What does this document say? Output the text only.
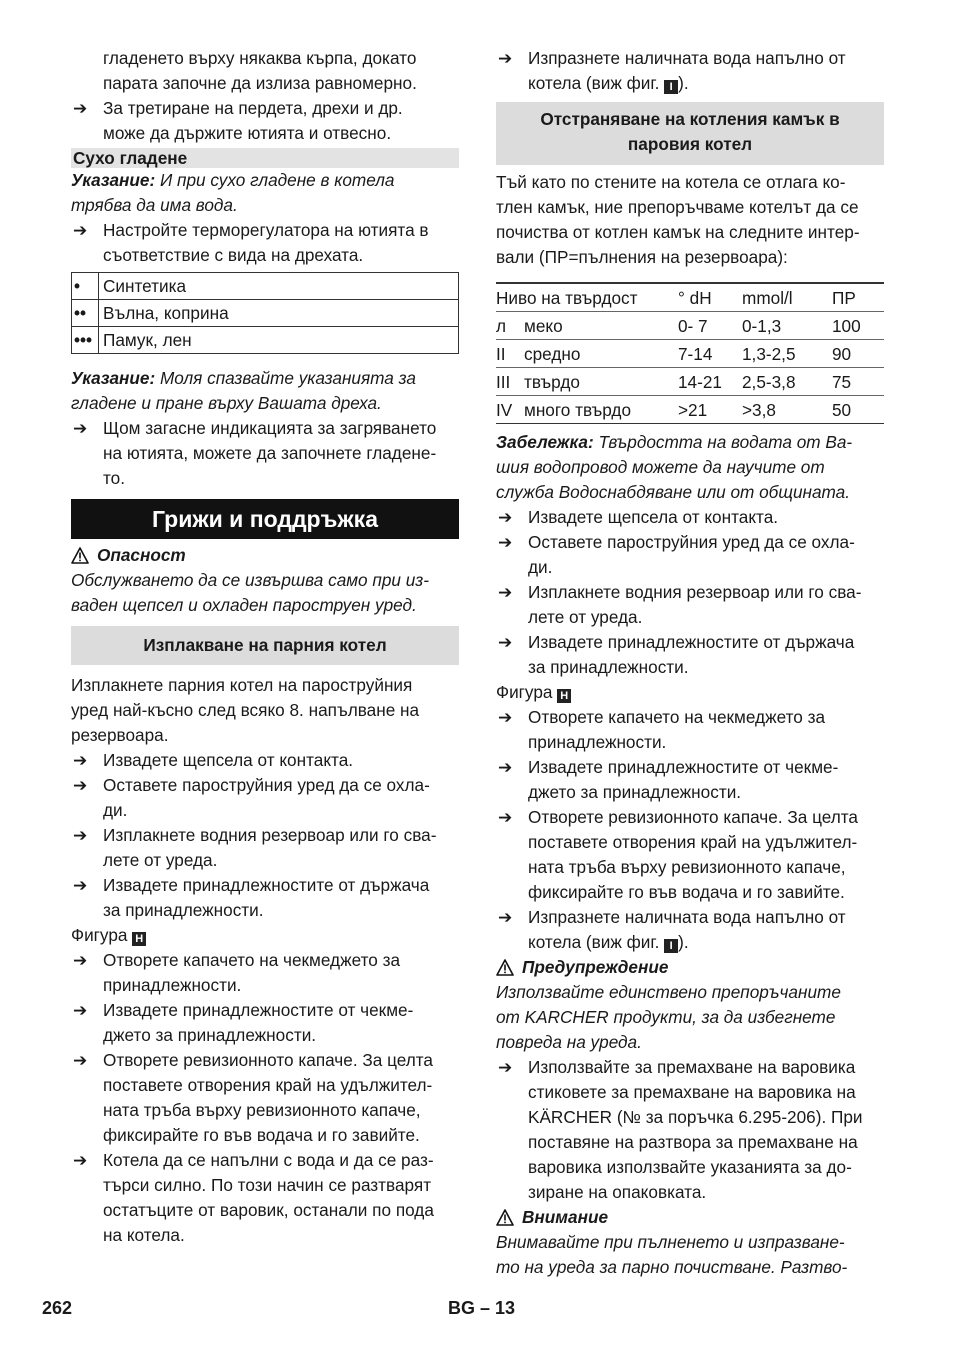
гладенето върху някаква кърпа, докато

парата започне да излиза равномерно.

➔ За третиране на пердета, дрехи и др.

може да държите ютията и отвесно.

Сухо гладене

Указание: И при сухо гладене в котела

трябва да има вода.

➔ Настройте терморегулатора на ютията в

съответствие с вида на дрехата.

•	Синтетика
••	Вълна, коприна
•••	Памук, лен

Указание: Моля спазвайте указанията за

гладене и пране върху Вашата дреха.

➔ Щом загасне индикацията за загряването

на ютията, можете да започнете гладене-

то.

Грижи и поддръжка
Опасност

Обслужването да се извършва само при из-

ваден щепсел и охладен пароструен уред.

Изплакване на парния котел

Изплакнете парния котел на пароструйния

уред най-късно след всяко 8. напълване на

резервоара.

➔ Извадете щепсела от контакта.

➔ Оставете пароструйния уред да се охла-

ди.

➔ Изплакнете водния резервоар или го сва-

лете от уреда.

➔ Извадете принадлежностите от държача

за принадлежности.

Фигура H

➔ Отворете капачето на чекмеджето за

принадлежности.

➔ Извадете принадлежностите от чекме-

джето за принадлежности.

➔ Отворете ревизионното капаче. За целта

поставете отворения край на удължител-

ната тръба върху ревизионното капаче,

фиксирайте го във водача и го завийте.

➔ Котела да се напълни с вода и да се раз-

търси силно. По този начин се разтварят

остатъците от варовик, останали по пода

на котела.

➔ Изпразнете наличната вода напълно от

котела (виж фиг. I ).

Отстраняване на котления камък в

паровия котел

Тъй като по стените на котела се отлага ко-

тлен камък, ние препоръчваме котелът да се

почиства от котлен камък на следните интер-

вали (ПР=пълнения на резервоара):

Ниво на твърдост		° dH	mmol/l	ПР
л	меко	0- 7	0-1,3	100
II	средно	7-14	1,3-2,5	90
III	твърдо	14-21	2,5-3,8	75
IV	много твърдо	>21	>3,8	50

Забележка: Твърдостта на водата от Ва-

шия водопровод можете да научите от

служба Водоснабдяване или от общината.

➔ Извадете щепсела от контакта.

➔ Оставете пароструйния уред да се охла-

ди.

➔ Изплакнете водния резервоар или го сва-

лете от уреда.

➔ Извадете принадлежностите от държача

за принадлежности.

Фигура H

➔ Отворете капачето на чекмеджето за

принадлежности.

➔ Извадете принадлежностите от чекме-

джето за принадлежности.

➔ Отворете ревизионното капаче. За целта

поставете отворения край на удължител-

ната тръба върху ревизионното капаче,

фиксирайте го във водача и го завийте.

➔ Изпразнете наличната вода напълно от

котела (виж фиг. I ).

Предупреждение

Използвайте единствено препоръчаните

от KARCHER продукти, за да избегнете

повреда на уреда.

➔ Използвайте за премахване на варовика

стиковете за премахване на варовика на

KÄRCHER (№ за поръчка 6.295-206). При

поставяне на разтвора за премахване на

варовика използвайте указанията за до-

зиране на опаковката.

Внимание

Внимавайте при пълненето и изпразване-

то на уреда за парно почистване. Разтво-

262	BG – 13
